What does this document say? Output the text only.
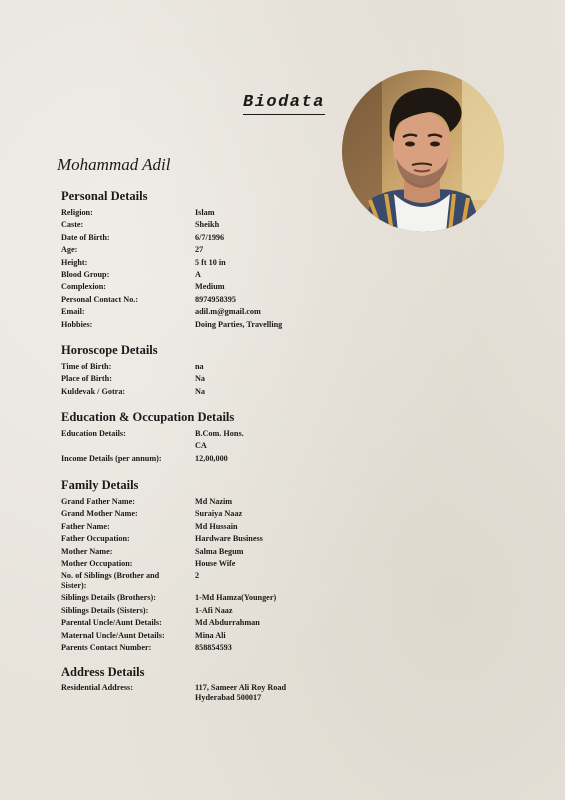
Biodata
Mohammad Adil
Personal Details
Religion:	Islam
Caste:	Sheikh
Date of Birth:	6/7/1996
Age:	27
Height:	5 ft 10 in
Blood Group:	A
Complexion:	Medium
Personal Contact No.:	8974958395
Email:	adil.m@gmail.com
Hobbies:	Doing Parties, Travelling
Horoscope Details
Time of Birth:	na
Place of Birth:	Na
Kuldevak / Gotra:	Na
Education & Occupation Details
Education Details:	B.Com. Hons.
CA
Income Details (per annum):	12,00,000
Family Details
Grand Father Name:	Md Nazim
Grand Mother Name:	Suraiya Naaz
Father Name:	Md Hussain
Father Occupation:	Hardware Business
Mother Name:	Salma Begum
Mother Occupation:	House Wife
No. of Siblings (Brother and Sister):
2
Siblings Details (Brothers):	1-Md Hamza(Younger)
Siblings Details (Sisters):	1-Afi Naaz
Parental Uncle/Aunt Details:	Md Abdurrahman
Maternal Uncle/Aunt Details:	Mina Ali
Parents Contact Number:	858854593
Address Details
Residential Address:	117, Sameer Ali Roy Road
Hyderabad 500017
